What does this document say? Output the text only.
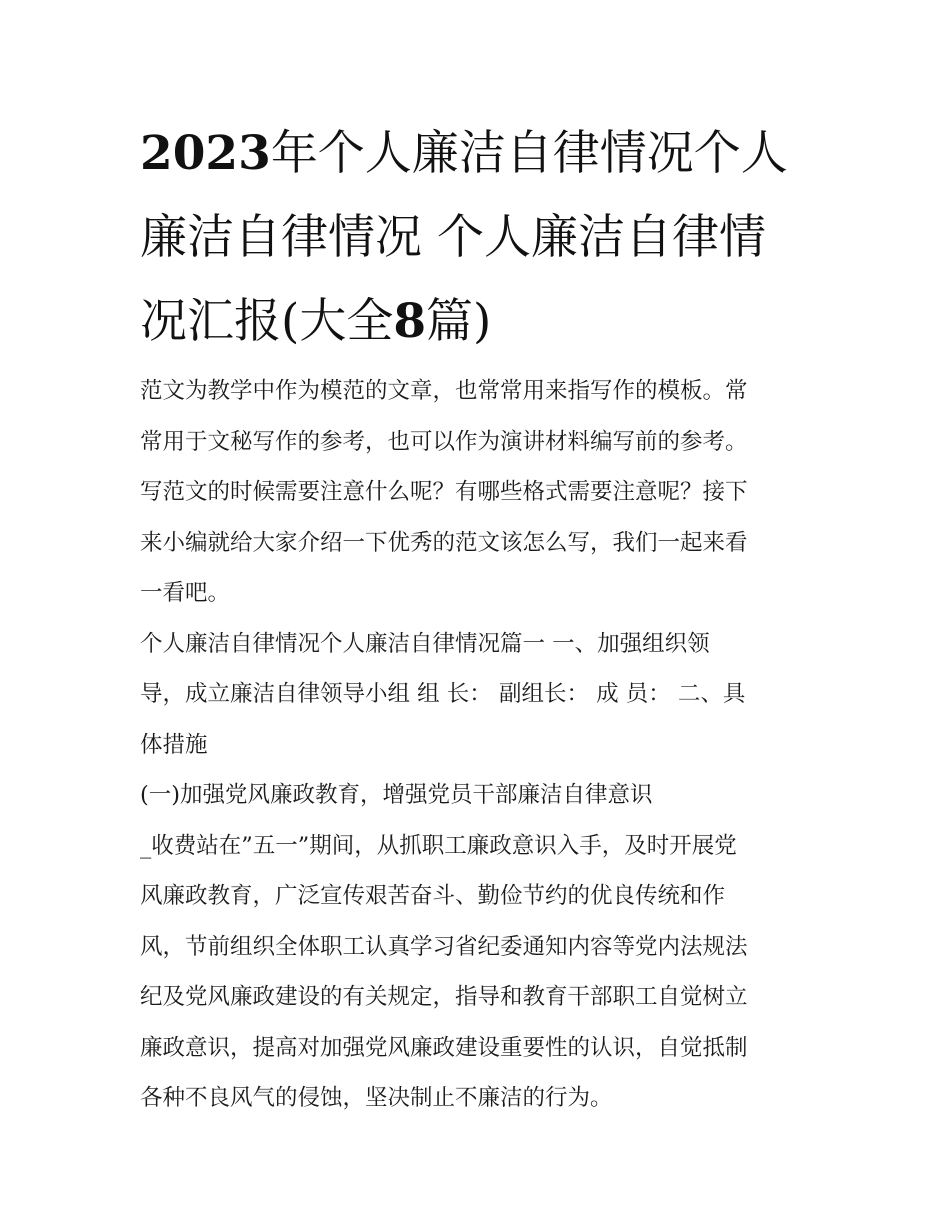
2023年个人廉洁自律情况个人
廉洁自律情况 个人廉洁自律情
况汇报(大全8篇)

范文为教学中作为模范的文章，也常常用来指写作的模板。常
常用于文秘写作的参考，也可以作为演讲材料编写前的参考。
写范文的时候需要注意什么呢？有哪些格式需要注意呢？接下
来小编就给大家介绍一下优秀的范文该怎么写，我们一起来看
一看吧。

个人廉洁自律情况个人廉洁自律情况篇一 一、加强组织领
导，成立廉洁自律领导小组 组 长： 副组长： 成 员： 二、具
体措施

(一)加强党风廉政教育，增强党员干部廉洁自律意识

_收费站在”五一”期间，从抓职工廉政意识入手，及时开展党
风廉政教育，广泛宣传艰苦奋斗、勤俭节约的优良传统和作
风，节前组织全体职工认真学习省纪委通知内容等党内法规法
纪及党风廉政建设的有关规定，指导和教育干部职工自觉树立
廉政意识，提高对加强党风廉政建设重要性的认识，自觉抵制
各种不良风气的侵蚀，坚决制止不廉洁的行为。
